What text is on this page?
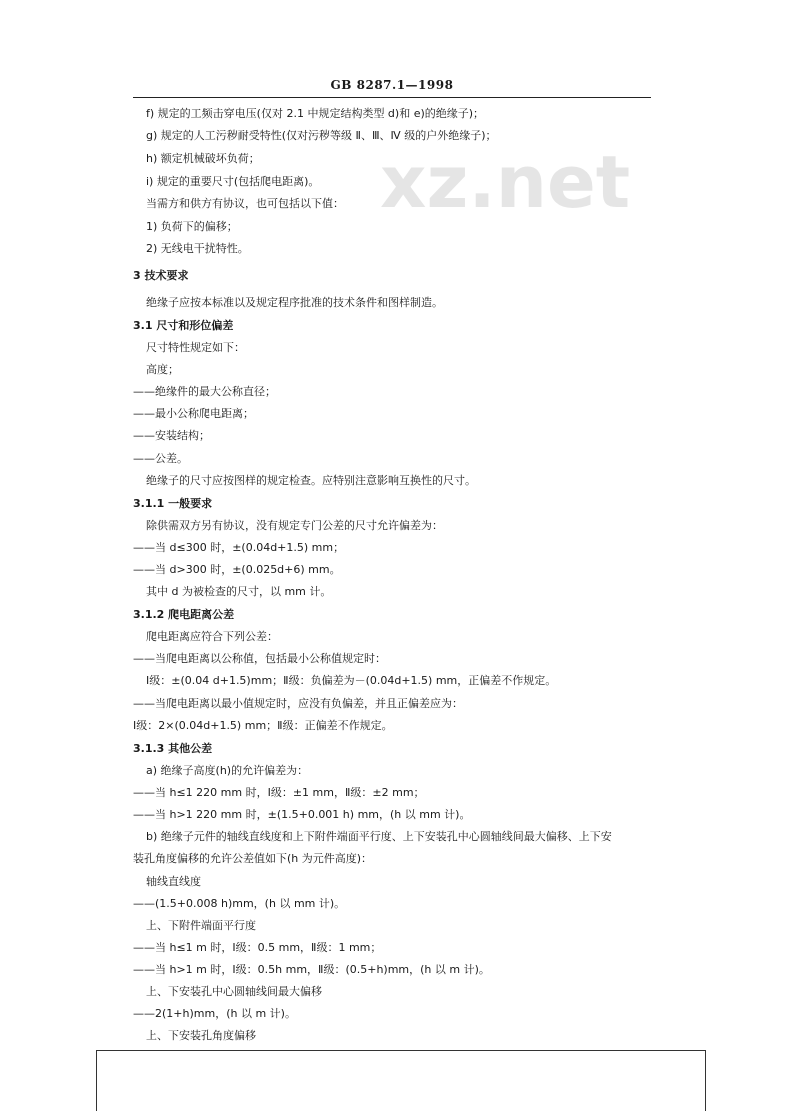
GB 8287.1—1998
xz.net
f) 规定的工频击穿电压(仅对 2.1 中规定结构类型 d)和 e)的绝缘子)；
g) 规定的人工污秽耐受特性(仅对污秽等级 Ⅱ、Ⅲ、Ⅳ 级的户外绝缘子)；
h) 额定机械破坏负荷；
i) 规定的重要尺寸(包括爬电距离)。
当需方和供方有协议，也可包括以下值：
1) 负荷下的偏移；
2) 无线电干扰特性。
3 技术要求
绝缘子应按本标准以及规定程序批准的技术条件和图样制造。
3.1 尺寸和形位偏差
尺寸特性规定如下：
高度；
——绝缘件的最大公称直径；
——最小公称爬电距离；
——安装结构；
——公差。
绝缘子的尺寸应按图样的规定检查。应特别注意影响互换性的尺寸。
3.1.1 一般要求
除供需双方另有协议，没有规定专门公差的尺寸允许偏差为：
——当 d≤300 时，±(0.04d+1.5) mm；
——当 d>300 时，±(0.025d+6) mm。
其中 d 为被检查的尺寸，以 mm 计。
3.1.2 爬电距离公差
爬电距离应符合下列公差：
——当爬电距离以公称值，包括最小公称值规定时：
Ⅰ级：±(0.04 d+1.5)mm；Ⅱ级：负偏差为－(0.04d+1.5) mm，正偏差不作规定。
——当爬电距离以最小值规定时，应没有负偏差，并且正偏差应为：
Ⅰ级：2×(0.04d+1.5) mm；Ⅱ级：正偏差不作规定。
3.1.3 其他公差
a) 绝缘子高度(h)的允许偏差为：
——当 h≤1 220 mm 时，Ⅰ级：±1 mm，Ⅱ级：±2 mm；
——当 h>1 220 mm 时，±(1.5+0.001 h) mm，(h 以 mm 计)。
b) 绝缘子元件的轴线直线度和上下附件端面平行度、上下安装孔中心圆轴线间最大偏移、上下安
装孔角度偏移的允许公差值如下(h 为元件高度)：
轴线直线度
——(1.5+0.008 h)mm，(h 以 mm 计)。
上、下附件端面平行度
——当 h≤1 m 时，Ⅰ级：0.5 mm，Ⅱ级：1 mm；
——当 h>1 m 时，Ⅰ级：0.5h mm，Ⅱ级：(0.5+h)mm，(h 以 m 计)。
上、下安装孔中心圆轴线间最大偏移
——2(1+h)mm，(h 以 m 计)。
上、下安装孔角度偏移
